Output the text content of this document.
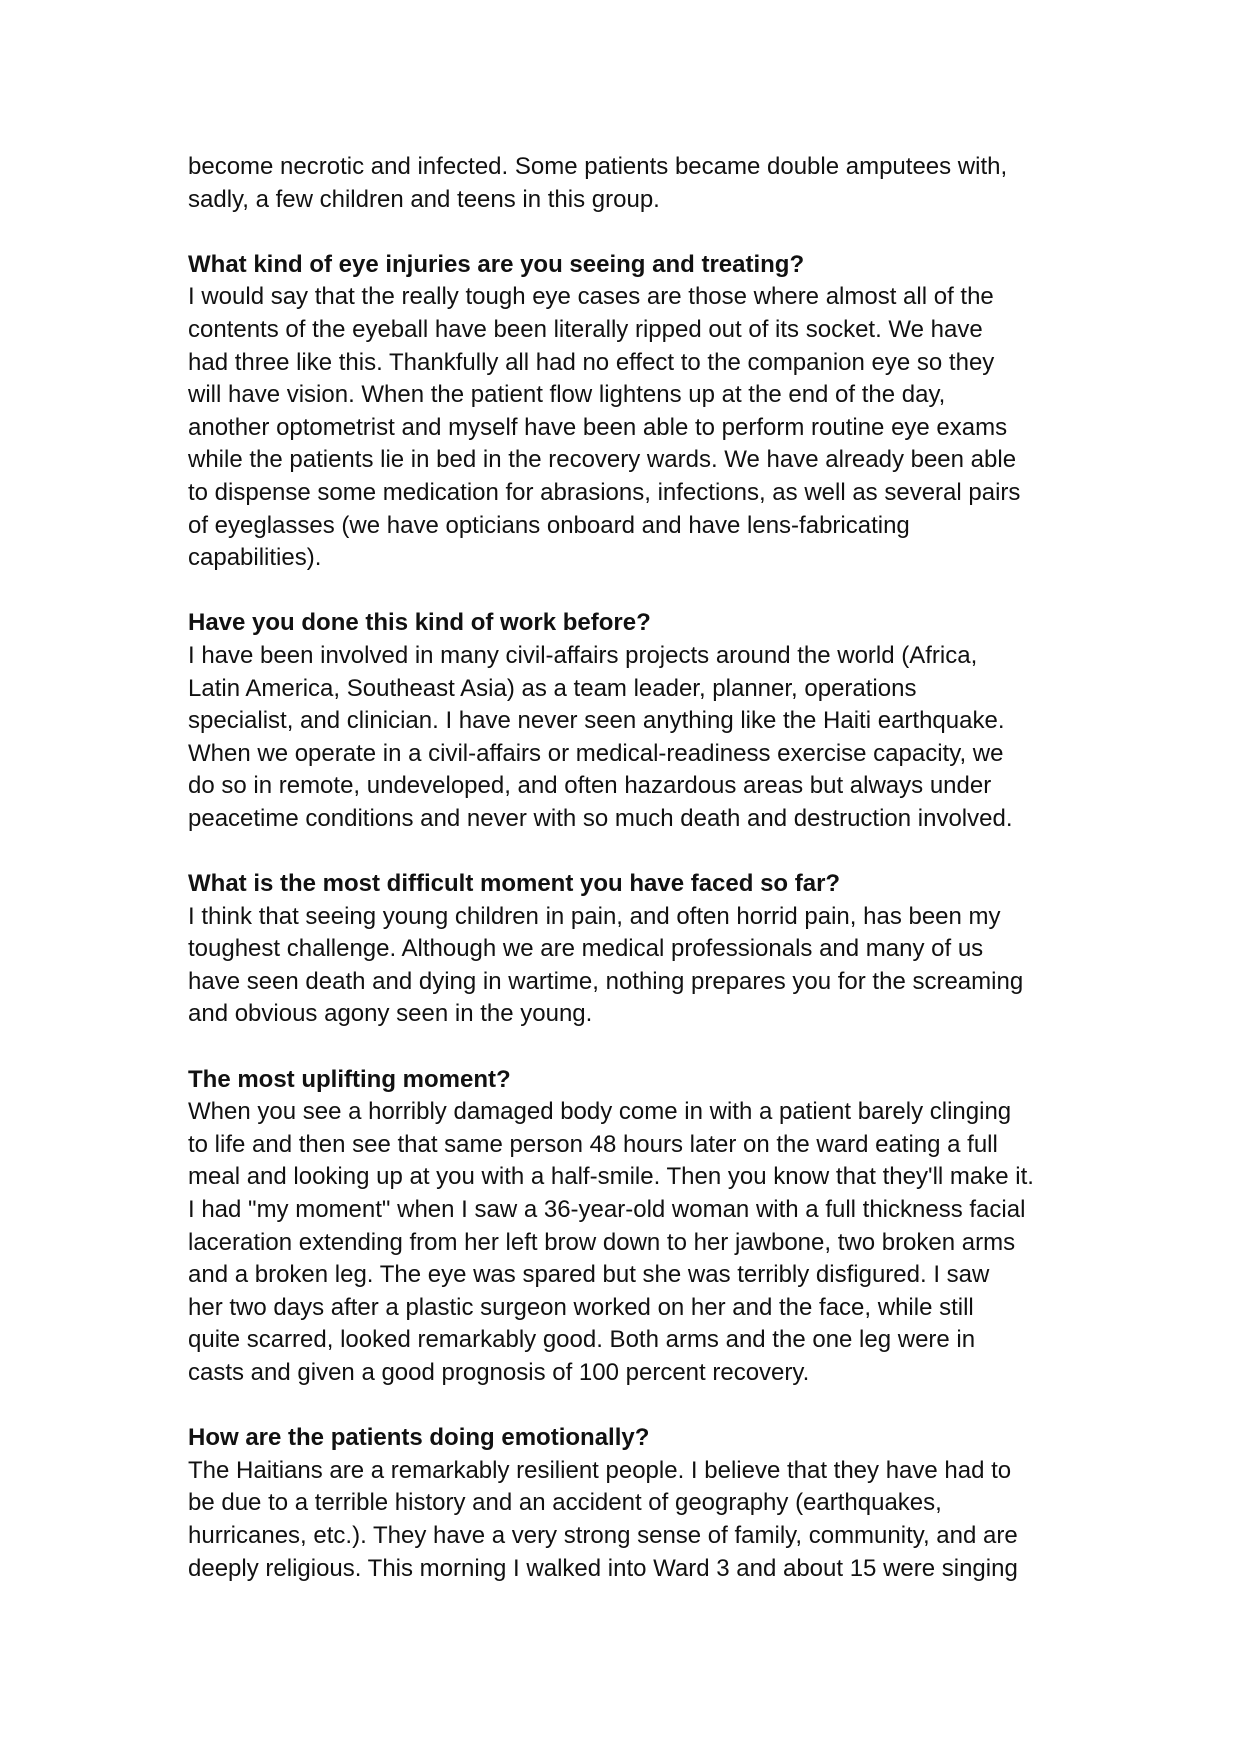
become necrotic and infected. Some patients became double amputees with,
sadly, a few children and teens in this group.
What kind of eye injuries are you seeing and treating?
I would say that the really tough eye cases are those where almost all of the
contents of the eyeball have been literally ripped out of its socket. We have
had three like this. Thankfully all had no effect to the companion eye so they
will have vision. When the patient flow lightens up at the end of the day,
another optometrist and myself have been able to perform routine eye exams
while the patients lie in bed in the recovery wards. We have already been able
to dispense some medication for abrasions, infections, as well as several pairs
of eyeglasses (we have opticians onboard and have lens-fabricating
capabilities).
Have you done this kind of work before?
I have been involved in many civil-affairs projects around the world (Africa,
Latin America, Southeast Asia) as a team leader, planner, operations
specialist, and clinician. I have never seen anything like the Haiti earthquake.
When we operate in a civil-affairs or medical-readiness exercise capacity, we
do so in remote, undeveloped, and often hazardous areas but always under
peacetime conditions and never with so much death and destruction involved.
What is the most difficult moment you have faced so far?
I think that seeing young children in pain, and often horrid pain, has been my
toughest challenge. Although we are medical professionals and many of us
have seen death and dying in wartime, nothing prepares you for the screaming
and obvious agony seen in the young.
The most uplifting moment?
When you see a horribly damaged body come in with a patient barely clinging
to life and then see that same person 48 hours later on the ward eating a full
meal and looking up at you with a half-smile. Then you know that they'll make it.
I had "my moment" when I saw a 36-year-old woman with a full thickness facial
laceration extending from her left brow down to her jawbone, two broken arms
and a broken leg. The eye was spared but she was terribly disfigured. I saw
her two days after a plastic surgeon worked on her and the face, while still
quite scarred, looked remarkably good. Both arms and the one leg were in
casts and given a good prognosis of 100 percent recovery.
How are the patients doing emotionally?
The Haitians are a remarkably resilient people. I believe that they have had to
be due to a terrible history and an accident of geography (earthquakes,
hurricanes, etc.). They have a very strong sense of family, community, and are
deeply religious. This morning I walked into Ward 3 and about 15 were singing
